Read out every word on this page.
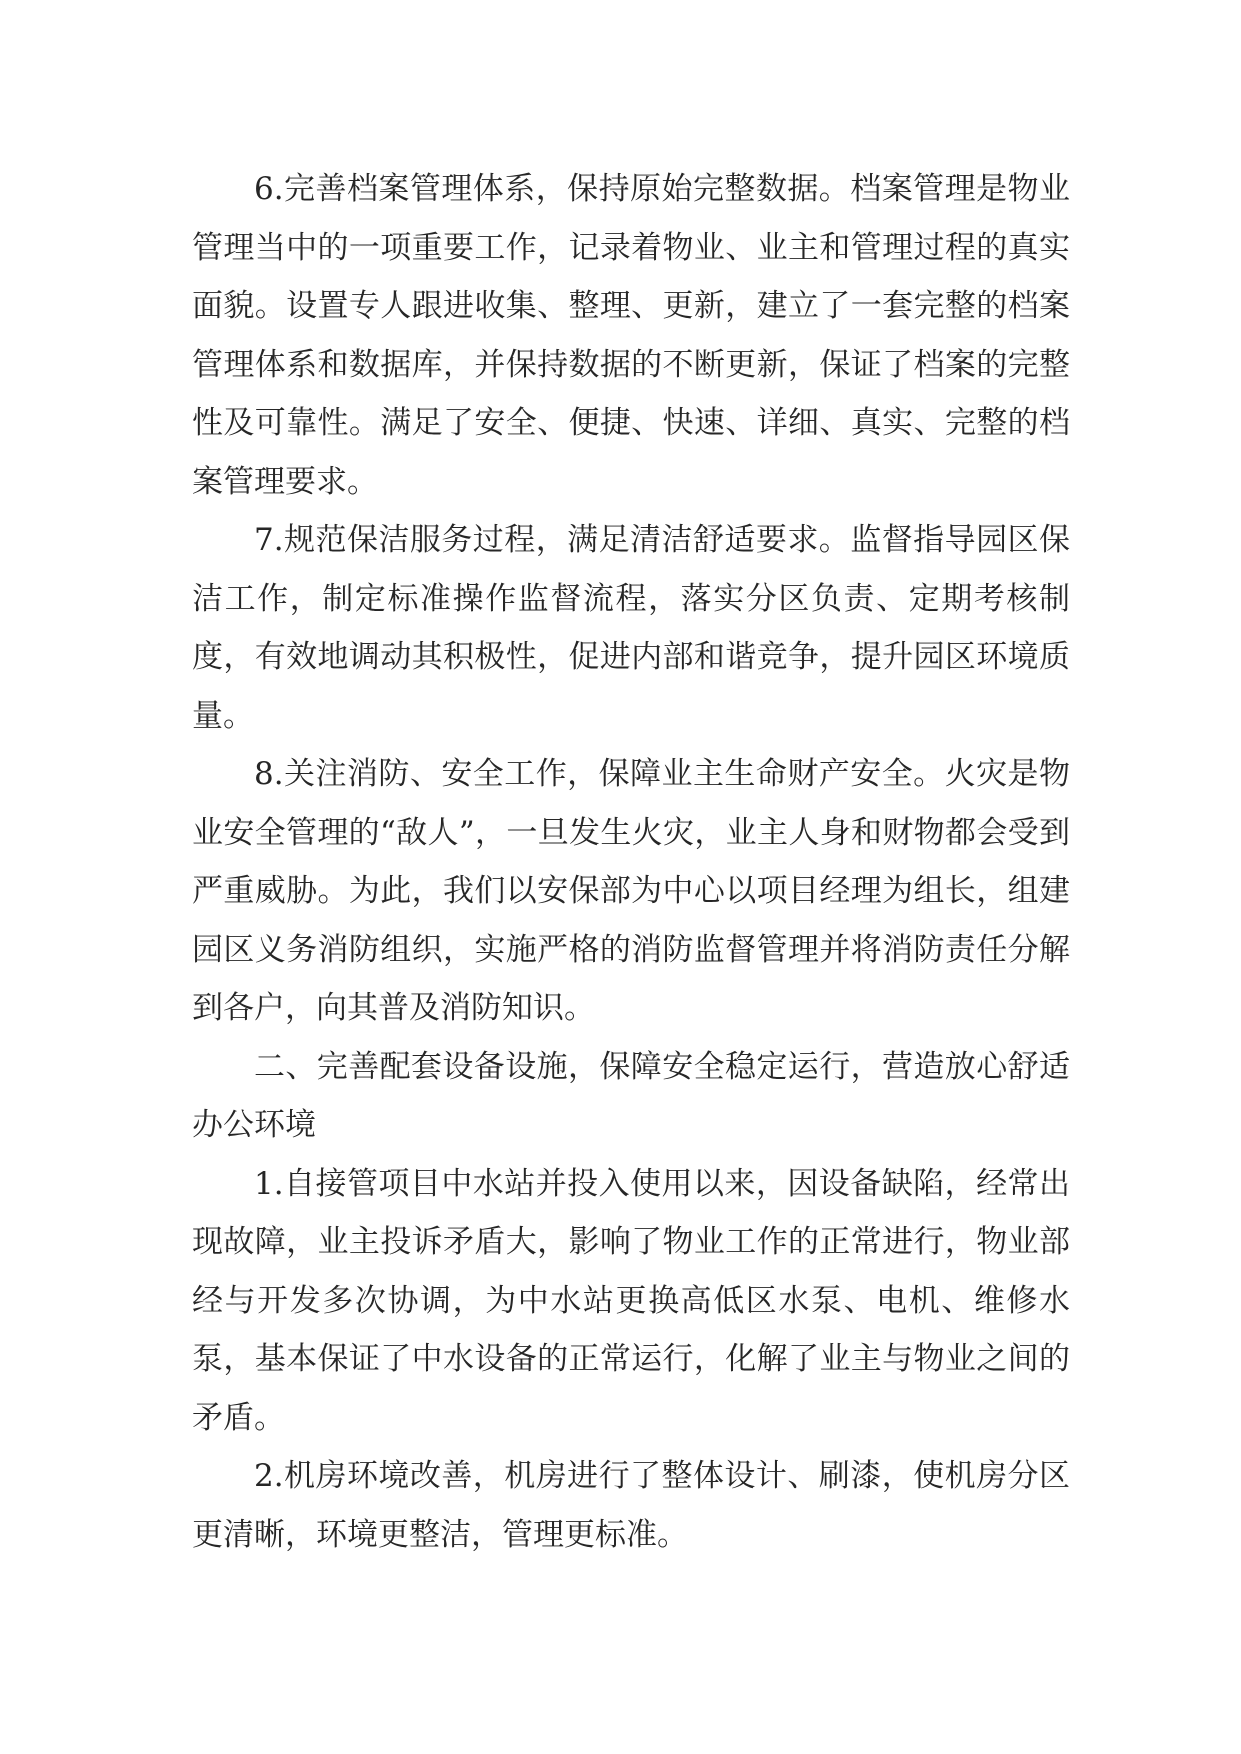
6.完善档案管理体系，保持原始完整数据。档案管理是物业管理当中的一项重要工作，记录着物业、业主和管理过程的真实面貌。设置专人跟进收集、整理、更新，建立了一套完整的档案管理体系和数据库，并保持数据的不断更新，保证了档案的完整性及可靠性。满足了安全、便捷、快速、详细、真实、完整的档案管理要求。

7.规范保洁服务过程，满足清洁舒适要求。监督指导园区保洁工作，制定标准操作监督流程，落实分区负责、定期考核制度，有效地调动其积极性，促进内部和谐竞争，提升园区环境质量。

8.关注消防、安全工作，保障业主生命财产安全。火灾是物业安全管理的“敌人”，一旦发生火灾，业主人身和财物都会受到严重威胁。为此，我们以安保部为中心以项目经理为组长，组建园区义务消防组织，实施严格的消防监督管理并将消防责任分解到各户，向其普及消防知识。

二、完善配套设备设施，保障安全稳定运行，营造放心舒适办公环境

1.自接管项目中水站并投入使用以来，因设备缺陷，经常出现故障，业主投诉矛盾大，影响了物业工作的正常进行，物业部经与开发多次协调，为中水站更换高低区水泵、电机、维修水泵，基本保证了中水设备的正常运行，化解了业主与物业之间的矛盾。

2.机房环境改善，机房进行了整体设计、刷漆，使机房分区更清晰，环境更整洁，管理更标准。
